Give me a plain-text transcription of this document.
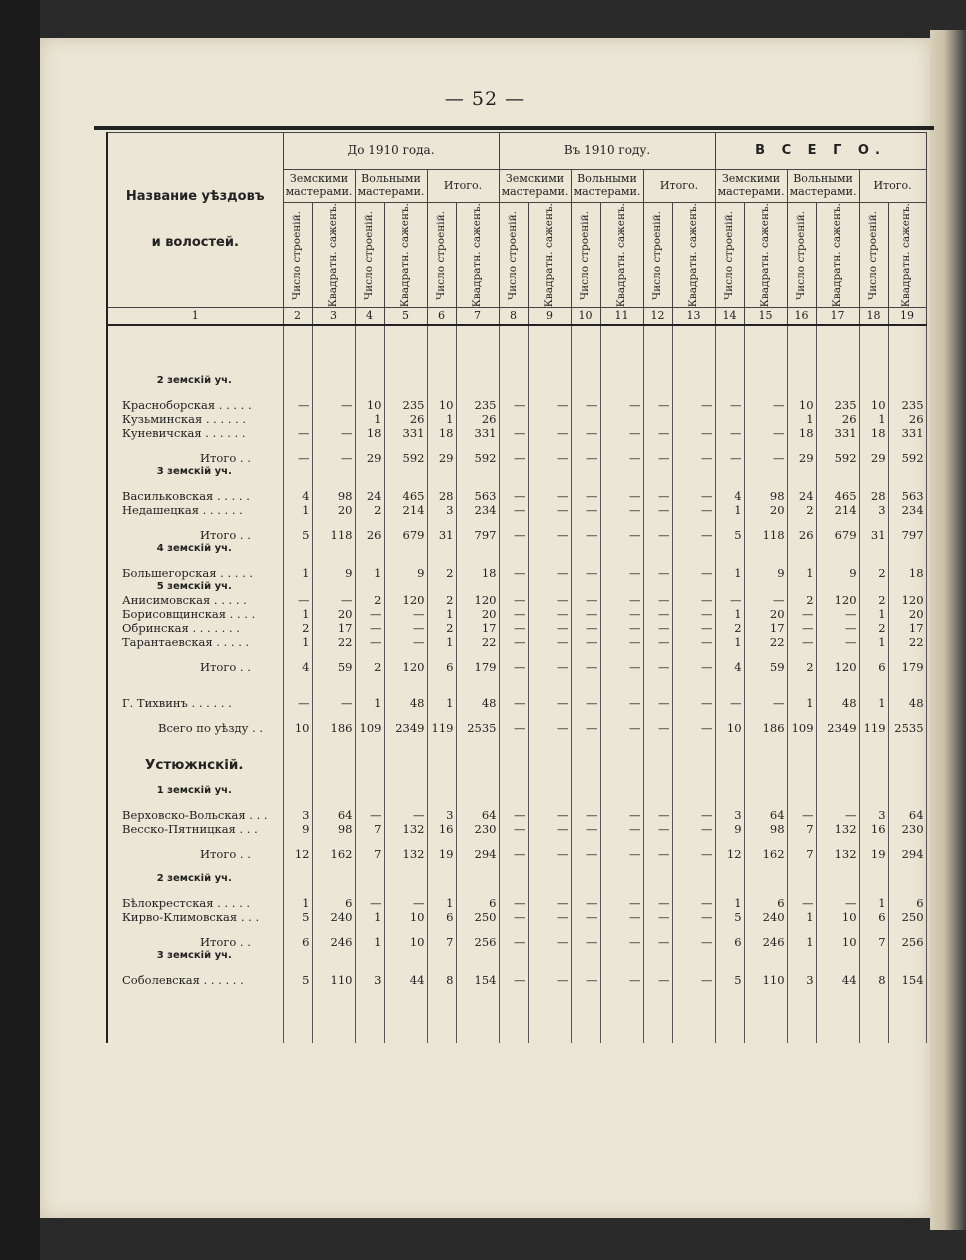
— 52 —
Название уѣздовъ
и волостей.	До 1910 года.						Въ 1910 году.						В С Е Г О.					
	Земскими мастерами.		Вольными мастерами.		Итого.		Земскими мастерами.		Вольными мастерами.		Итого.		Земскими мастерами.		Вольными мастерами.		Итого.	

	Число строеній.	Квадратн. саженъ.	Число строеній.	Квадратн. саженъ.	Число строеній.	Квадратн. саженъ.	Число строеній.	Квадратн. саженъ.	Число строеній.	Квадратн. саженъ.	Число строеній.	Квадратн. саженъ.	Число строеній.	Квадратн. саженъ.	Число строеній.	Квадратн. саженъ.	Число строеній.	Квадратн. саженъ.

1	2	3	4	5	6	7	8	9	10	11	12	13	14	15	16	17	18	19

2 земскій уч.																		

Красноборская . . . . .	—	—	10	235	10	235	—	—	—	—	—	—	—	—	10	235	10	235
Кузьминская . . . . . .			1	26	1	26									1	26	1	26
Куневичская . . . . . .	—	—	18	331	18	331	—	—	—	—	—	—	—	—	18	331	18	331

Итого . .	—	—	29	592	29	592	—	—	—	—	—	—	—	—	29	592	29	592
3 земскій уч.																		

Васильковская . . . . .	4	98	24	465	28	563	—	—	—	—	—	—	4	98	24	465	28	563
Недашецкая . . . . . .	1	20	2	214	3	234	—	—	—	—	—	—	1	20	2	214	3	234

Итого . .	5	118	26	679	31	797	—	—	—	—	—	—	5	118	26	679	31	797
4 земскій уч.																		

Большегорская . . . . .	1	9	1	9	2	18	—	—	—	—	—	—	1	9	1	9	2	18
5 земскій уч.																		
Анисимовская . . . . .	—	—	2	120	2	120	—	—	—	—	—	—	—	—	2	120	2	120
Борисовщинская . . . .	1	20	—	—	1	20	—	—	—	—	—	—	1	20	—	—	1	20
Обринская . . . . . . .	2	17	—	—	2	17	—	—	—	—	—	—	2	17	—	—	2	17
Тарантаевская . . . . .	1	22	—	—	1	22	—	—	—	—	—	—	1	22	—	—	1	22

Итого . .	4	59	2	120	6	179	—	—	—	—	—	—	4	59	2	120	6	179

Г. Тихвинъ . . . . . .	—	—	1	48	1	48	—	—	—	—	—	—	—	—	1	48	1	48

Всего по уѣзду . .	10	186	109	2349	119	2535	—	—	—	—	—	—	10	186	109	2349	119	2535

Устюжнскій.																		

1 земскій уч.																		

Верховско-Вольская . . .	3	64	—	—	3	64	—	—	—	—	—	—	3	64	—	—	3	64
Весско-Пятницкая . . .	9	98	7	132	16	230	—	—	—	—	—	—	9	98	7	132	16	230

Итого . .	12	162	7	132	19	294	—	—	—	—	—	—	12	162	7	132	19	294

2 земскій уч.																		

Бѣлокрестская . . . . .	1	6	—	—	1	6	—	—	—	—	—	—	1	6	—	—	1	6
Кирво-Климовская . . .	5	240	1	10	6	250	—	—	—	—	—	—	5	240	1	10	6	250

Итого . .	6	246	1	10	7	256	—	—	—	—	—	—	6	246	1	10	7	256
3 земскій уч.																		

Соболевская . . . . . .	5	110	3	44	8	154	—	—	—	—	—	—	5	110	3	44	8	154
